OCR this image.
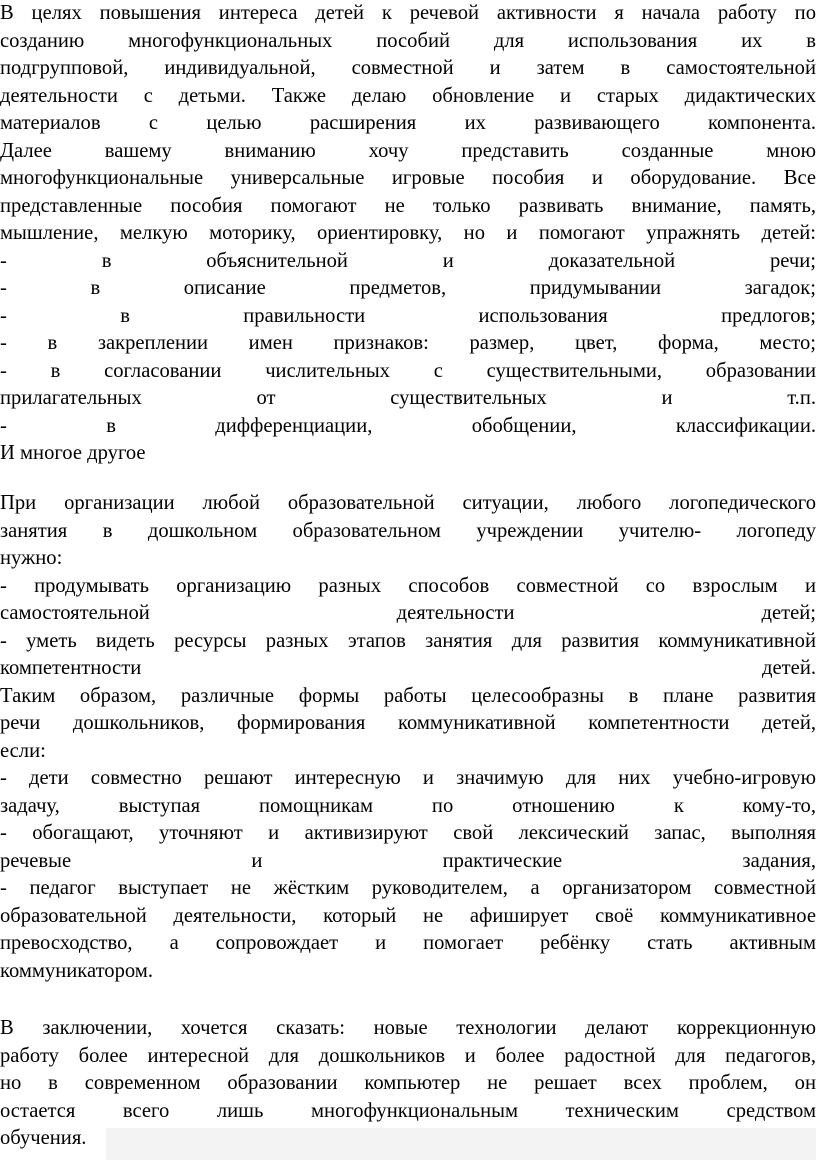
В целях повышения интереса детей к речевой активности я начала работу по
созданию многофункциональных пособий для использования их в
подгрупповой, индивидуальной, совместной и затем в самостоятельной
деятельности с детьми. Также делаю обновление и старых дидактических
материалов с целью расширения их развивающего компонента.
Далее вашему вниманию хочу представить созданные мною
многофункциональные универсальные игровые пособия и оборудование. Все
представленные пособия помогают не только развивать внимание, память,
мышление, мелкую моторику, ориентировку, но и помогают упражнять детей:
- в объяснительной и доказательной речи;
- в описание предметов, придумывании загадок;
- в правильности использования предлогов;
- в закреплении имен признаков: размер, цвет, форма, место;
- в согласовании числительных с существительными, образовании
прилагательных от существительных и т.п.
- в дифференциации, обобщении, классификации.
И многое другое
При организации любой образовательной ситуации, любого логопедического
занятия в дошкольном образовательном учреждении учителю- логопеду
нужно:
- продумывать организацию разных способов совместной со взрослым и
самостоятельной деятельности детей;
- уметь видеть ресурсы разных этапов занятия для развития коммуникативной
компетентности детей.
Таким образом, различные формы работы целесообразны в плане развития
речи дошкольников, формирования коммуникативной компетентности детей,
если:
- дети совместно решают интересную и значимую для них учебно-игровую
задачу, выступая помощникам по отношению к кому-то,
- обогащают, уточняют и активизируют свой лексический запас, выполняя
речевые и практические задания,
- педагог выступает не жёстким руководителем, а организатором совместной
образовательной деятельности, который не афиширует своё коммуникативное
превосходство, а сопровождает и помогает ребёнку стать активным
коммуникатором.
В заключении, хочется сказать: новые технологии делают коррекционную
работу более интересной для дошкольников и более радостной для педагогов,
но в современном образовании компьютер не решает всех проблем, он
остается всего лишь многофункциональным техническим средством
обучения.
